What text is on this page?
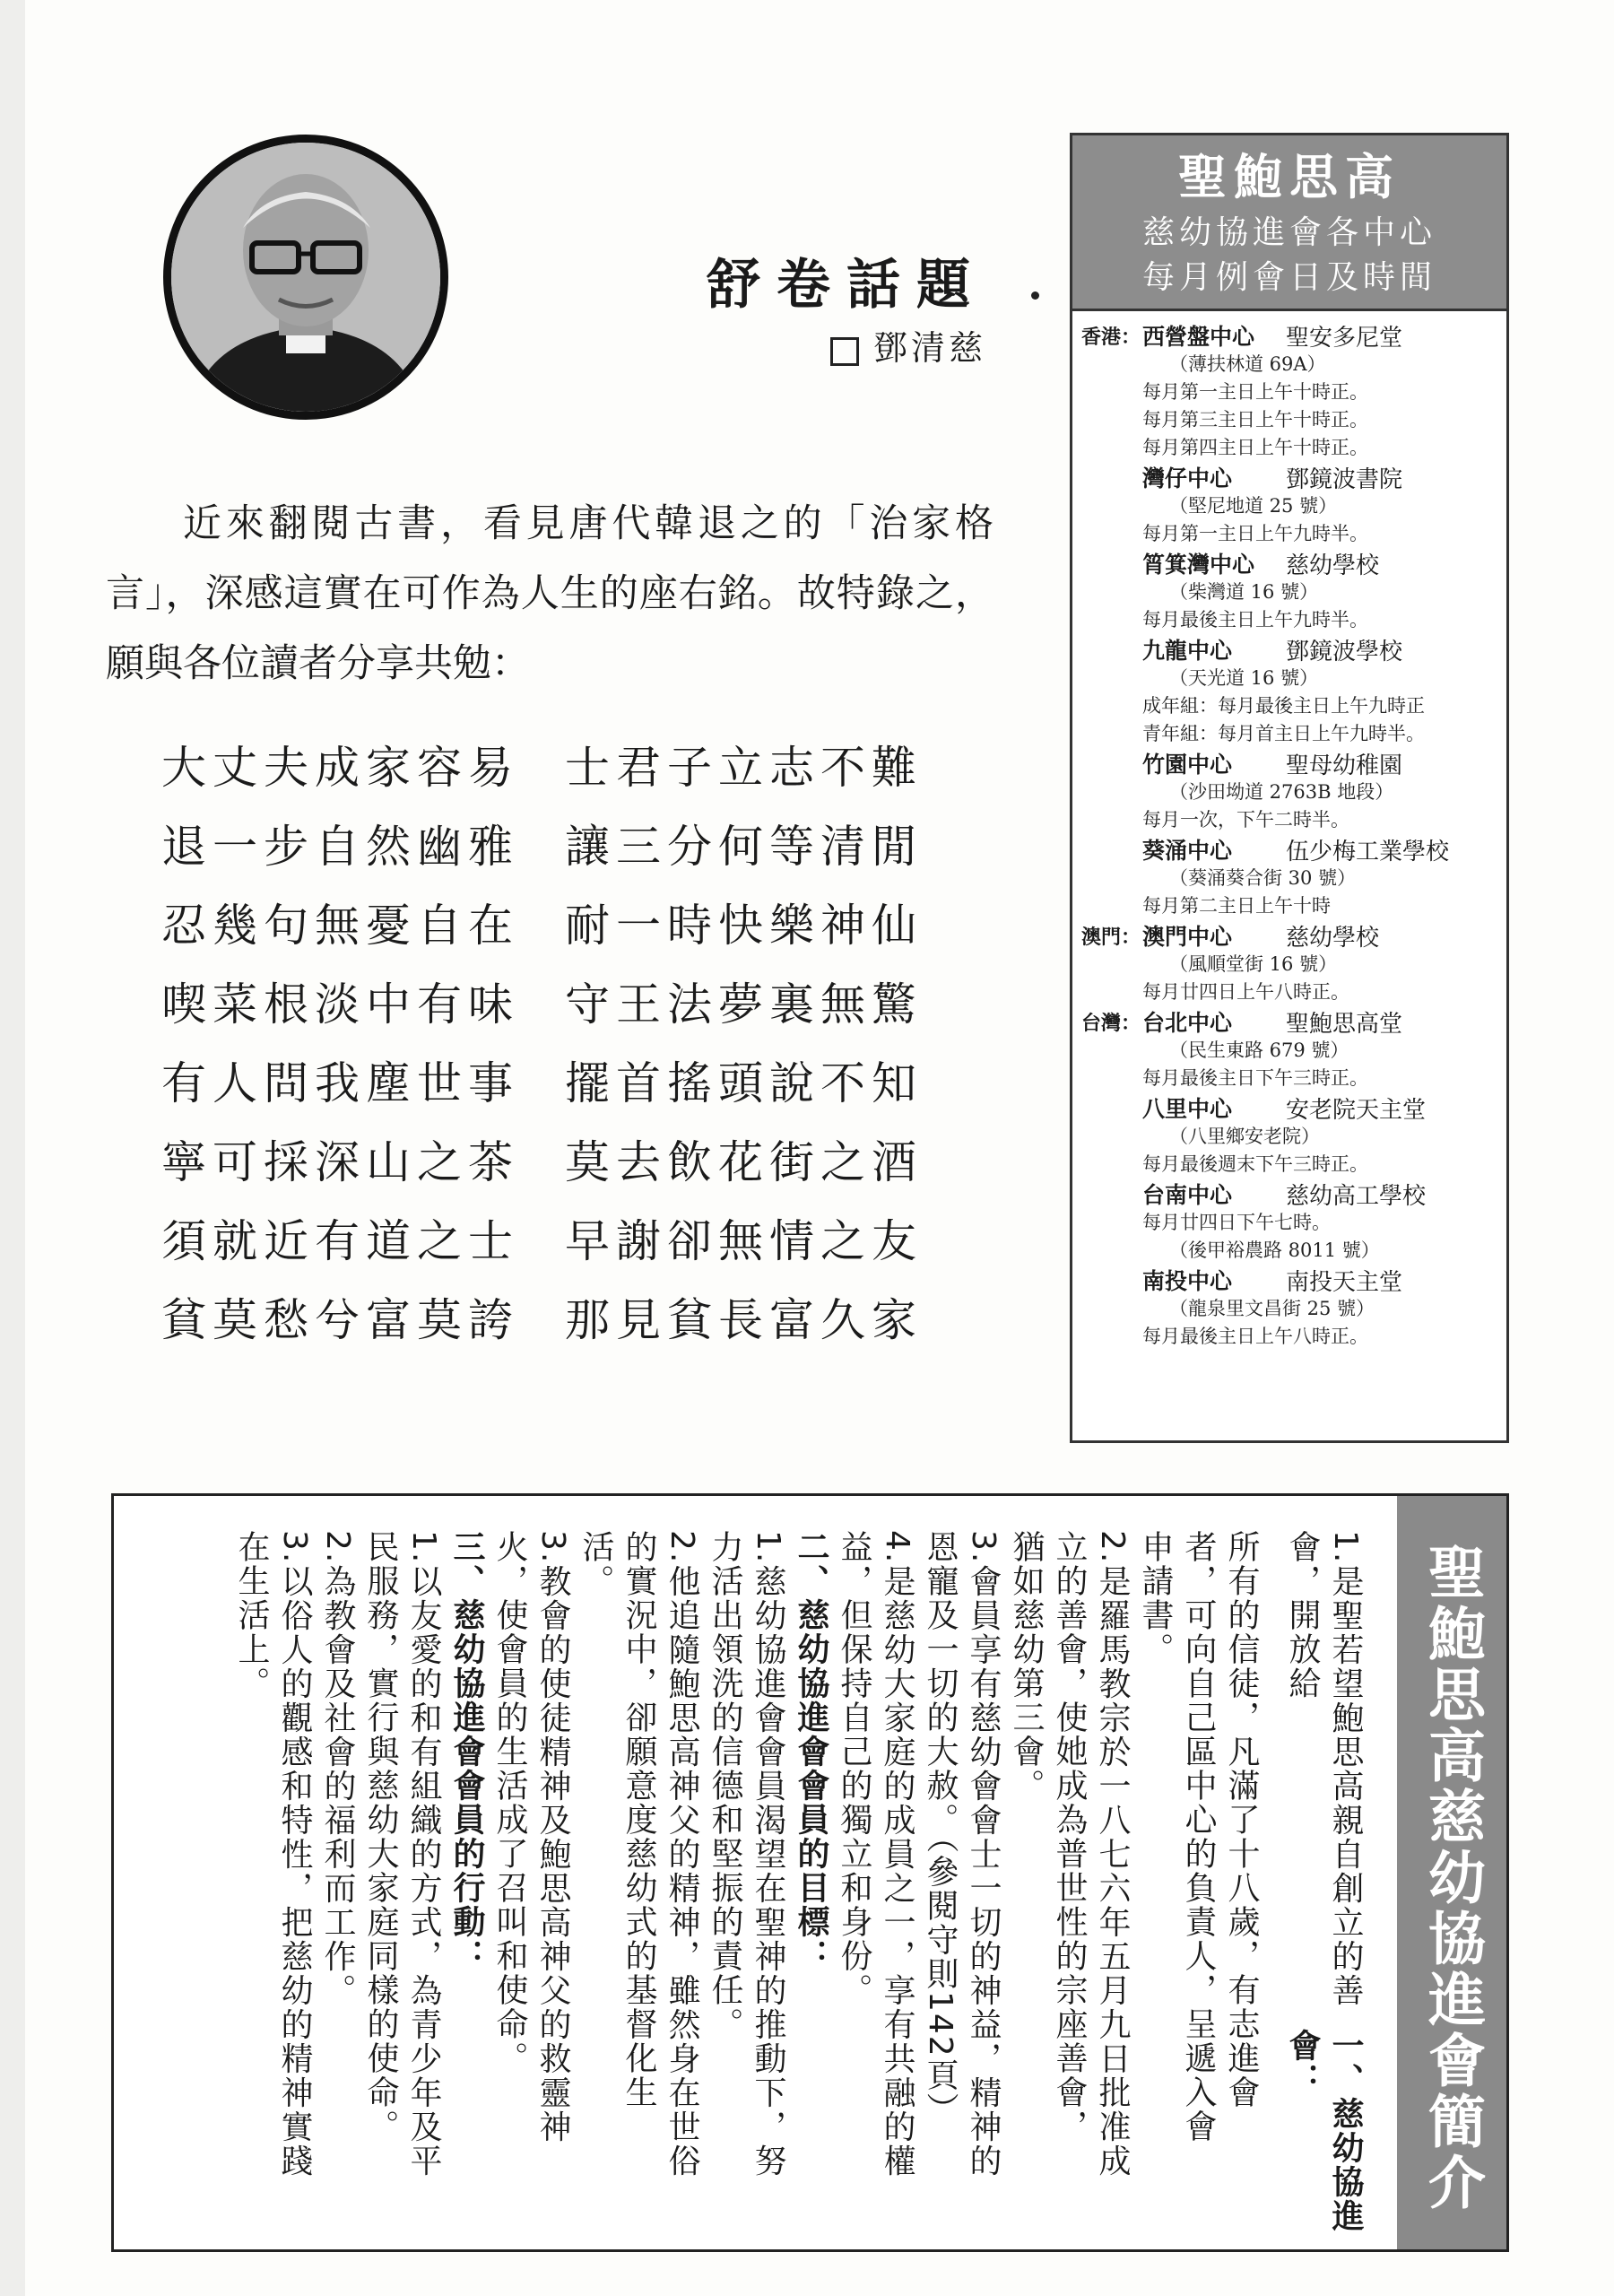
舒卷話題
鄧清慈

近來翻閱古書，看見唐代韓退之的「治家格言」，深感這實在可作為人生的座右銘。故特錄之，願與各位讀者分享共勉：

大丈夫成家容易	士君子立志不難
退一步自然幽雅	讓三分何等清閒
忍幾句無憂自在	耐一時快樂神仙
喫菜根淡中有味	守王法夢裏無驚
有人問我塵世事	擺首搖頭說不知
寧可採深山之茶	莫去飲花街之酒
須就近有道之士	早謝卻無情之友
貧莫愁兮富莫誇	那見貧長富久家
聖鮑思高
慈幼協進會各中心
每月例會日及時間
香港： 西營盤中心	聖安多尼堂
（薄扶林道 69A）
每月第一主日上午十時正。
每月第三主日上午十時正。
每月第四主日上午十時正。
灣仔中心	鄧鏡波書院
（堅尼地道 25 號）
每月第一主日上午九時半。
筲箕灣中心	慈幼學校
（柴灣道 16 號）
每月最後主日上午九時半。
九龍中心	鄧鏡波學校
（天光道 16 號）
成年組：每月最後主日上午九時正
青年組：每月首主日上午九時半。
竹園中心	聖母幼稚園
（沙田坳道 2763B 地段）
每月一次，下午二時半。
葵涌中心	伍少梅工業學校
（葵涌葵合街 30 號）
每月第二主日上午十時
澳門： 澳門中心	慈幼學校
（風順堂街 16 號）
每月廿四日上午八時正。
台灣： 台北中心	聖鮑思高堂
（民生東路 679 號）
每月最後主日下午三時正。
八里中心	安老院天主堂
（八里鄉安老院）
每月最後週末下午三時正。
台南中心	慈幼高工學校
每月廿四日下午七時。
（後甲裕農路 8011 號）
南投中心	南投天主堂
（龍泉里文昌街 25 號）
每月最後主日上午八時正。
聖鮑思高慈幼協進會簡介
一、慈幼協進會：
1.是聖若望鮑思高親自創立的善會，開放給
所有的信徒，凡滿了十八歲，有志進會
者，可向自己區中心的負責人，呈遞入會
申請書。
2.是羅馬教宗於一八七六年五月九日批准成
立的善會，使她成為普世性的宗座善會，
猶如慈幼第三會。
3.會員享有慈幼會會士一切的神益，精神的
恩寵及一切的大赦。（參閱守則142頁）
4.是慈幼大家庭的成員之一，享有共融的權
益，但保持自己的獨立和身份。
二、慈幼協進會會員的目標：
1.慈幼協進會會員渴望在聖神的推動下，努
力活出領洗的信德和堅振的責任。
2.他追隨鮑思高神父的精神，雖然身在世俗
的實況中，卻願意度慈幼式的基督化生
活。
3.教會的使徒精神及鮑思高神父的救靈神
火，使會員的生活成了召叫和使命。
三、慈幼協進會會員的行動：
1.以友愛的和有組織的方式，為青少年及平
民服務，實行與慈幼大家庭同樣的使命。
2.為教會及社會的福利而工作。
3.以俗人的觀感和特性，把慈幼的精神實踐
在生活上。
